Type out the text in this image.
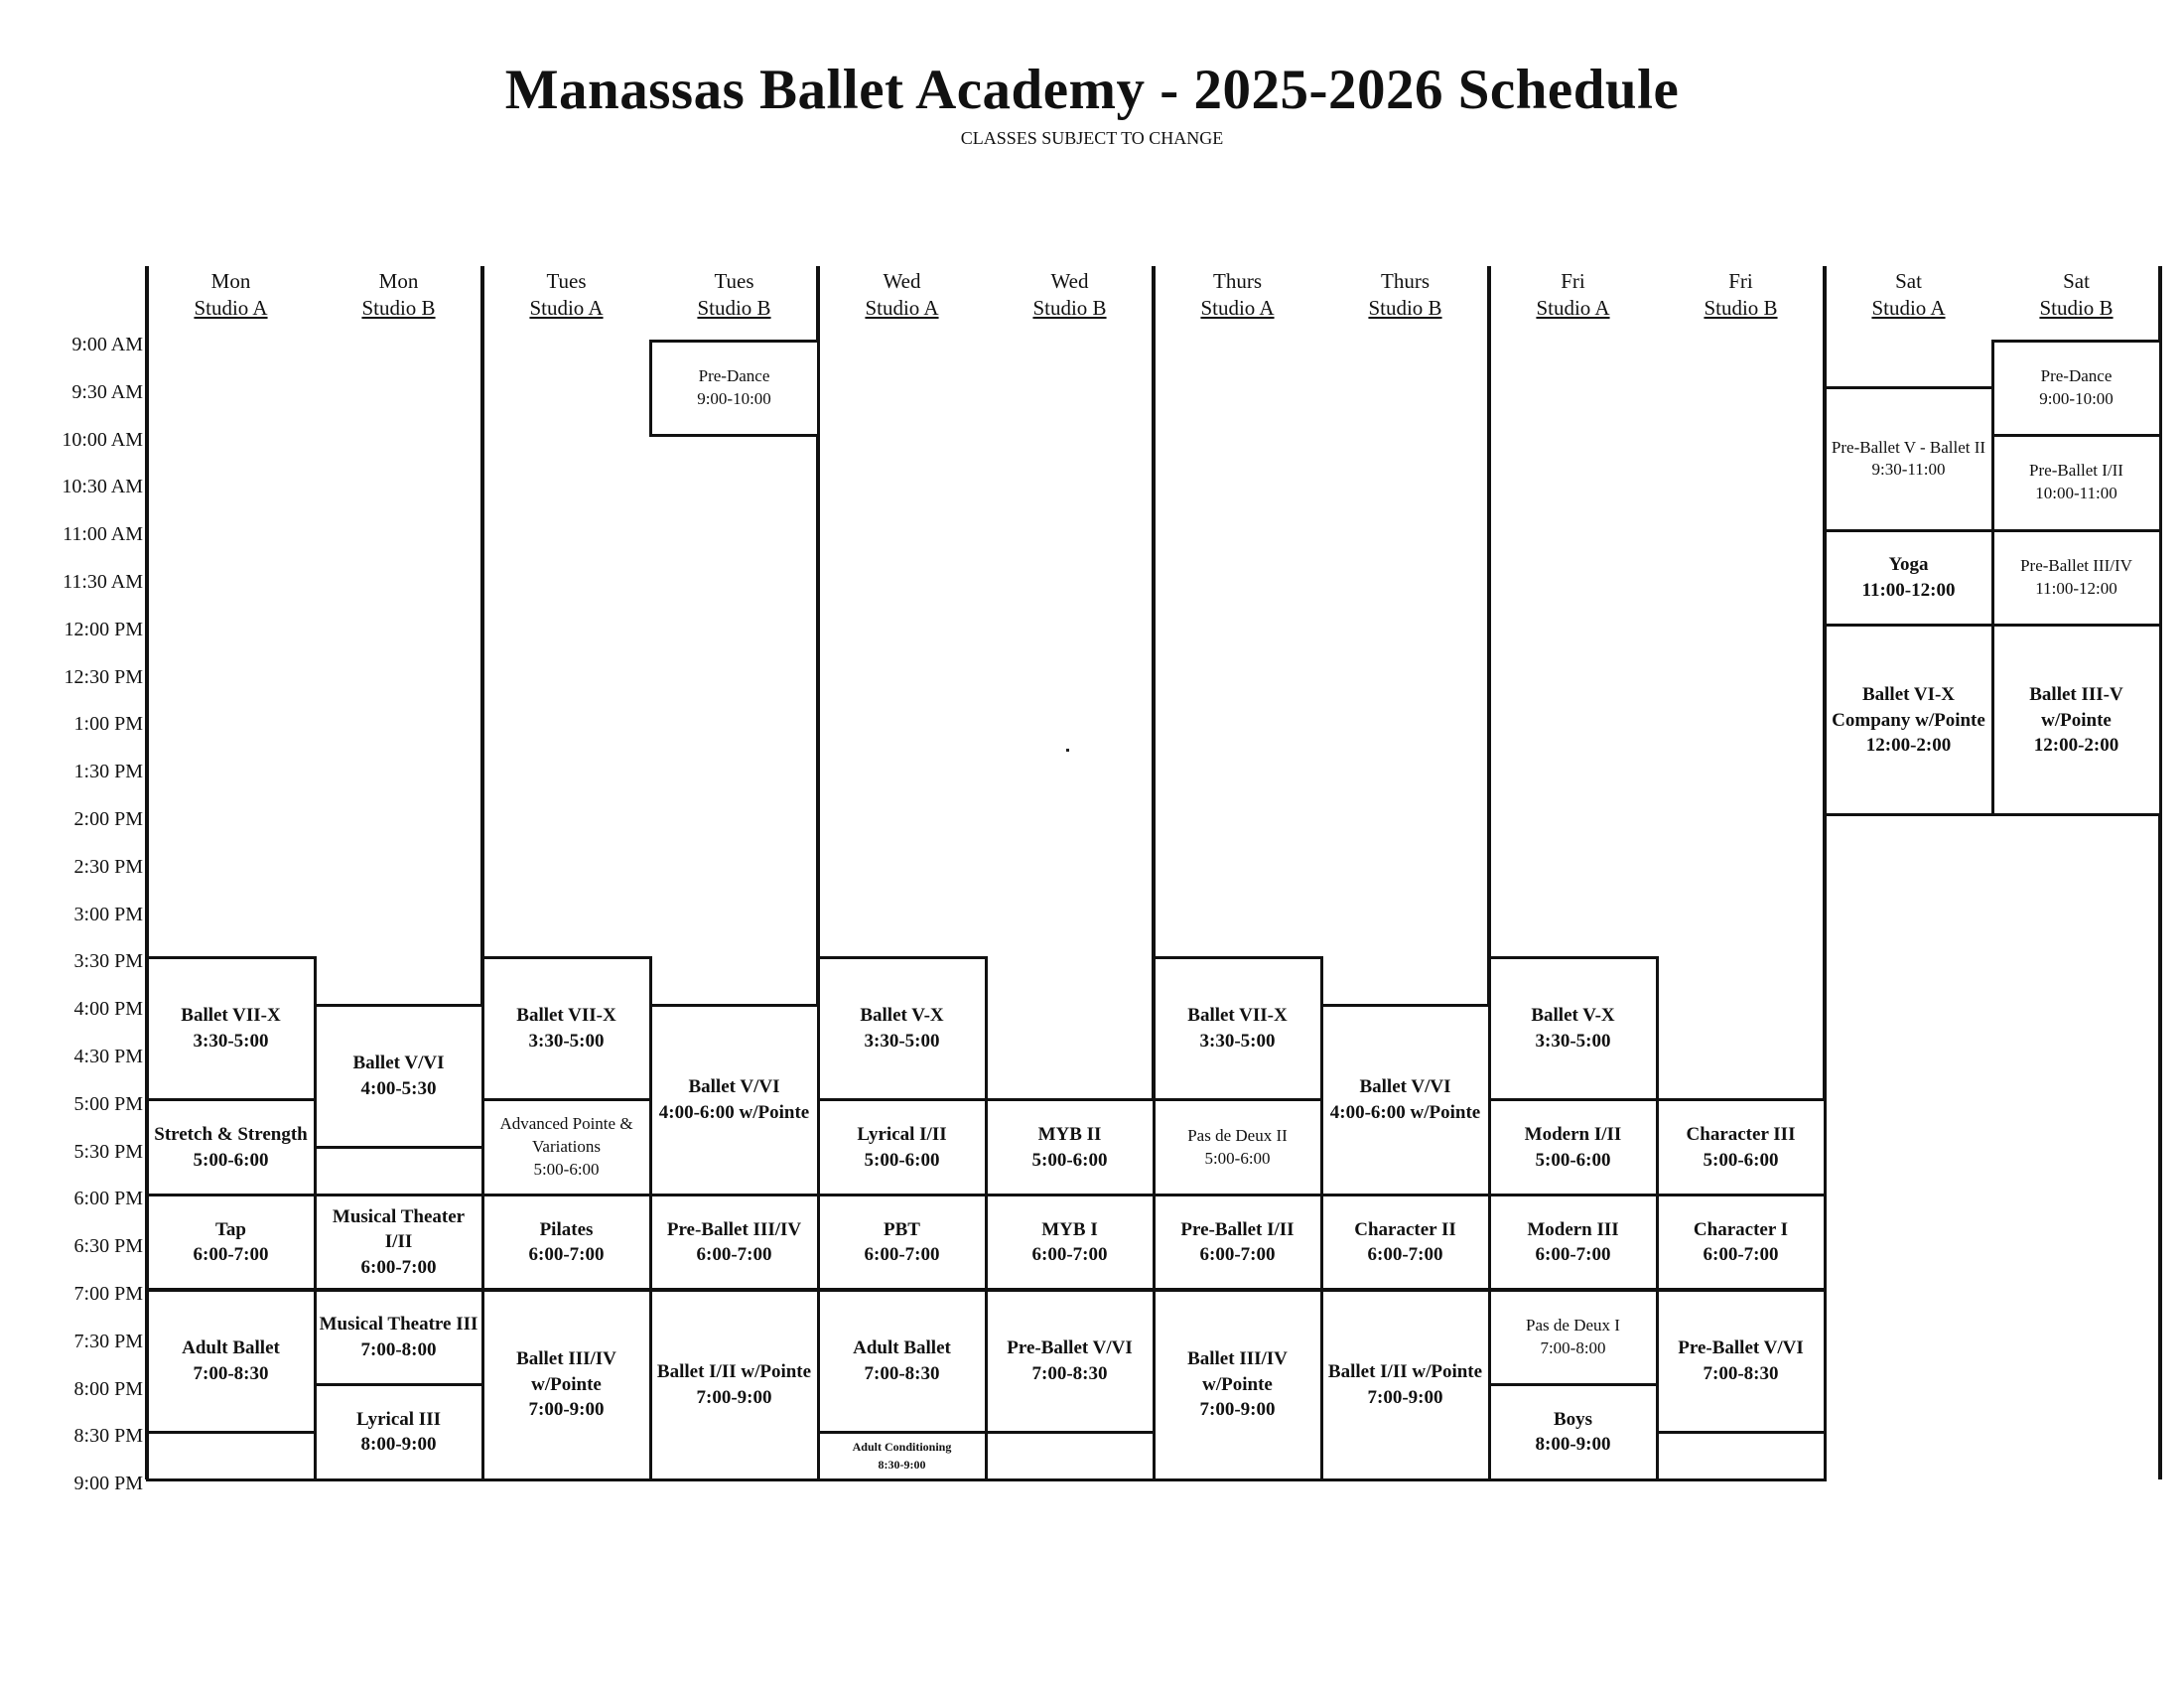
Manassas Ballet Academy - 2025-2026 Schedule
CLASSES SUBJECT TO CHANGE
Mon
Studio A
Mon
Studio B
Tues
Studio A
Tues
Studio B
Wed
Studio A
Wed
Studio B
Thurs
Studio A
Thurs
Studio B
Fri
Studio A
Fri
Studio B
Sat
Studio A
Sat
Studio B
9:00 AM
9:30 AM
10:00 AM
10:30 AM
11:00 AM
11:30 AM
12:00 PM
12:30 PM
1:00 PM
1:30 PM
2:00 PM
2:30 PM
3:00 PM
3:30 PM
4:00 PM
4:30 PM
5:00 PM
5:30 PM
6:00 PM
6:30 PM
7:00 PM
7:30 PM
8:00 PM
8:30 PM
9:00 PM
Ballet VII-X
3:30-5:00
Stretch & Strength
5:00-6:00
Tap
6:00-7:00
Adult Ballet
7:00-8:30
Ballet V/VI
4:00-5:30
Musical Theater I/II
6:00-7:00
Musical Theatre III
7:00-8:00
Lyrical III
8:00-9:00
Ballet VII-X
3:30-5:00
Advanced Pointe & Variations
5:00-6:00
Pilates
6:00-7:00
Ballet III/IV w/Pointe
7:00-9:00
Pre-Dance
9:00-10:00
Ballet V/VI
4:00-6:00 w/Pointe
Pre-Ballet III/IV
6:00-7:00
Ballet I/II w/Pointe
7:00-9:00
Ballet V-X
3:30-5:00
Lyrical I/II
5:00-6:00
PBT
6:00-7:00
Adult Ballet
7:00-8:30
Adult Conditioning
8:30-9:00
MYB II
5:00-6:00
MYB I
6:00-7:00
Pre-Ballet V/VI
7:00-8:30
Ballet VII-X
3:30-5:00
Pas de Deux II
5:00-6:00
Pre-Ballet I/II
6:00-7:00
Ballet III/IV w/Pointe
7:00-9:00
Ballet V/VI
4:00-6:00 w/Pointe
Character II
6:00-7:00
Ballet I/II w/Pointe
7:00-9:00
Ballet V-X
3:30-5:00
Modern I/II
5:00-6:00
Modern III
6:00-7:00
Pas de Deux I
7:00-8:00
Boys
8:00-9:00
Character III
5:00-6:00
Character I
6:00-7:00
Pre-Ballet V/VI
7:00-8:30
Pre-Ballet V - Ballet II
9:30-11:00
Yoga
11:00-12:00
Ballet VI-X Company w/Pointe
12:00-2:00
Pre-Dance
9:00-10:00
Pre-Ballet I/II
10:00-11:00
Pre-Ballet III/IV
11:00-12:00
Ballet III-V w/Pointe
12:00-2:00
